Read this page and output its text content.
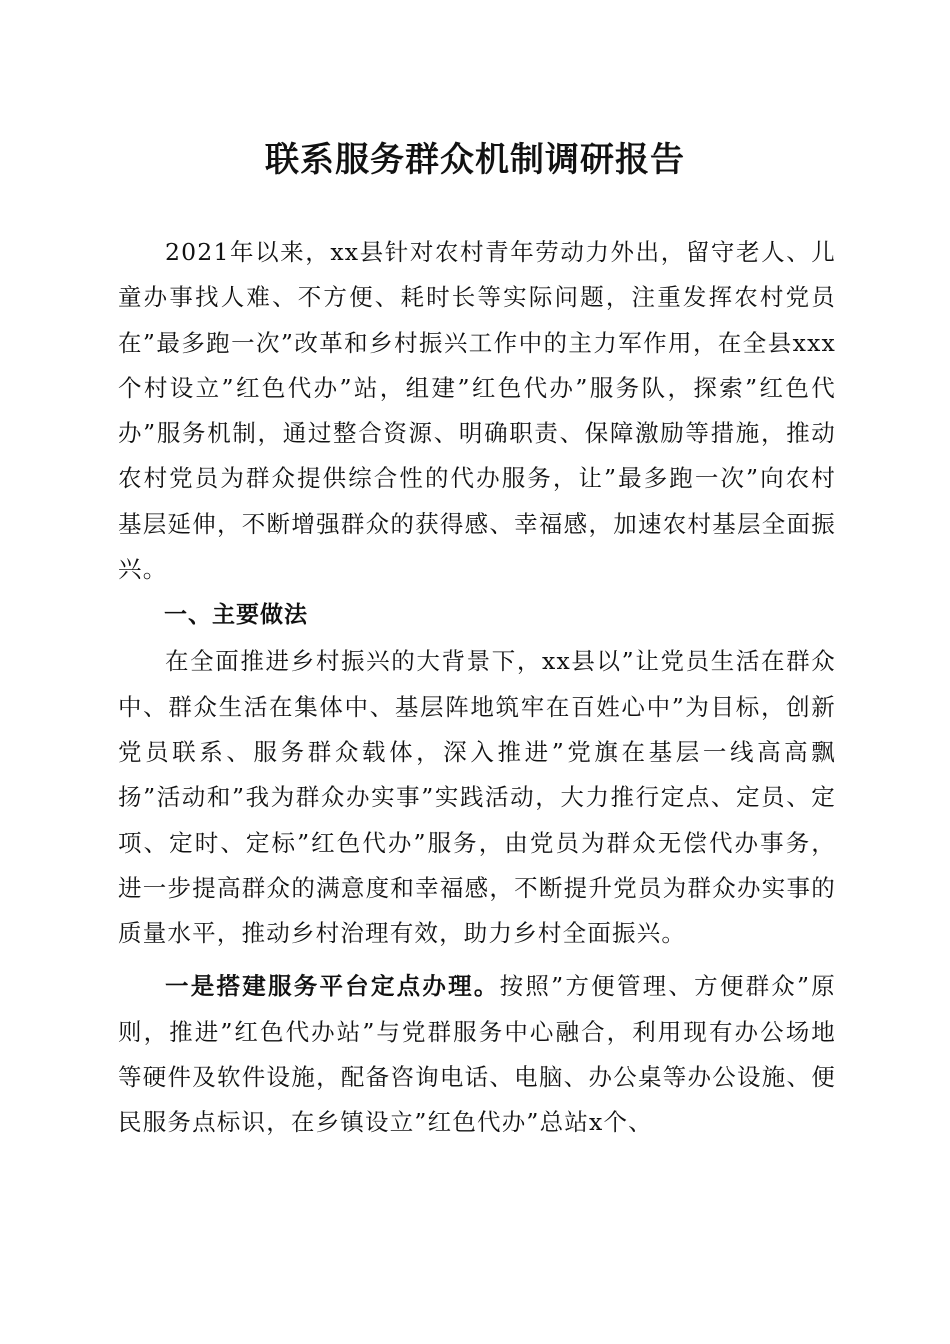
联系服务群众机制调研报告

2021年以来，xx县针对农村青年劳动力外出，留守老人、儿童办事找人难、不方便、耗时长等实际问题，注重发挥农村党员在”最多跑一次”改革和乡村振兴工作中的主力军作用，在全县xxx个村设立”红色代办”站，组建”红色代办”服务队，探索”红色代办”服务机制，通过整合资源、明确职责、保障激励等措施，推动农村党员为群众提供综合性的代办服务，让”最多跑一次”向农村基层延伸，不断增强群众的获得感、幸福感，加速农村基层全面振兴。

一、主要做法

在全面推进乡村振兴的大背景下，xx县以”让党员生活在群众中、群众生活在集体中、基层阵地筑牢在百姓心中”为目标，创新党员联系、服务群众载体，深入推进”党旗在基层一线高高飘扬”活动和”我为群众办实事”实践活动，大力推行定点、定员、定项、定时、定标”红色代办”服务，由党员为群众无偿代办事务，进一步提高群众的满意度和幸福感，不断提升党员为群众办实事的质量水平，推动乡村治理有效，助力乡村全面振兴。

一是搭建服务平台定点办理。按照”方便管理、方便群众”原则，推进”红色代办站”与党群服务中心融合，利用现有办公场地等硬件及软件设施，配备咨询电话、电脑、办公桌等办公设施、便民服务点标识，在乡镇设立”红色代办”总站x个、
